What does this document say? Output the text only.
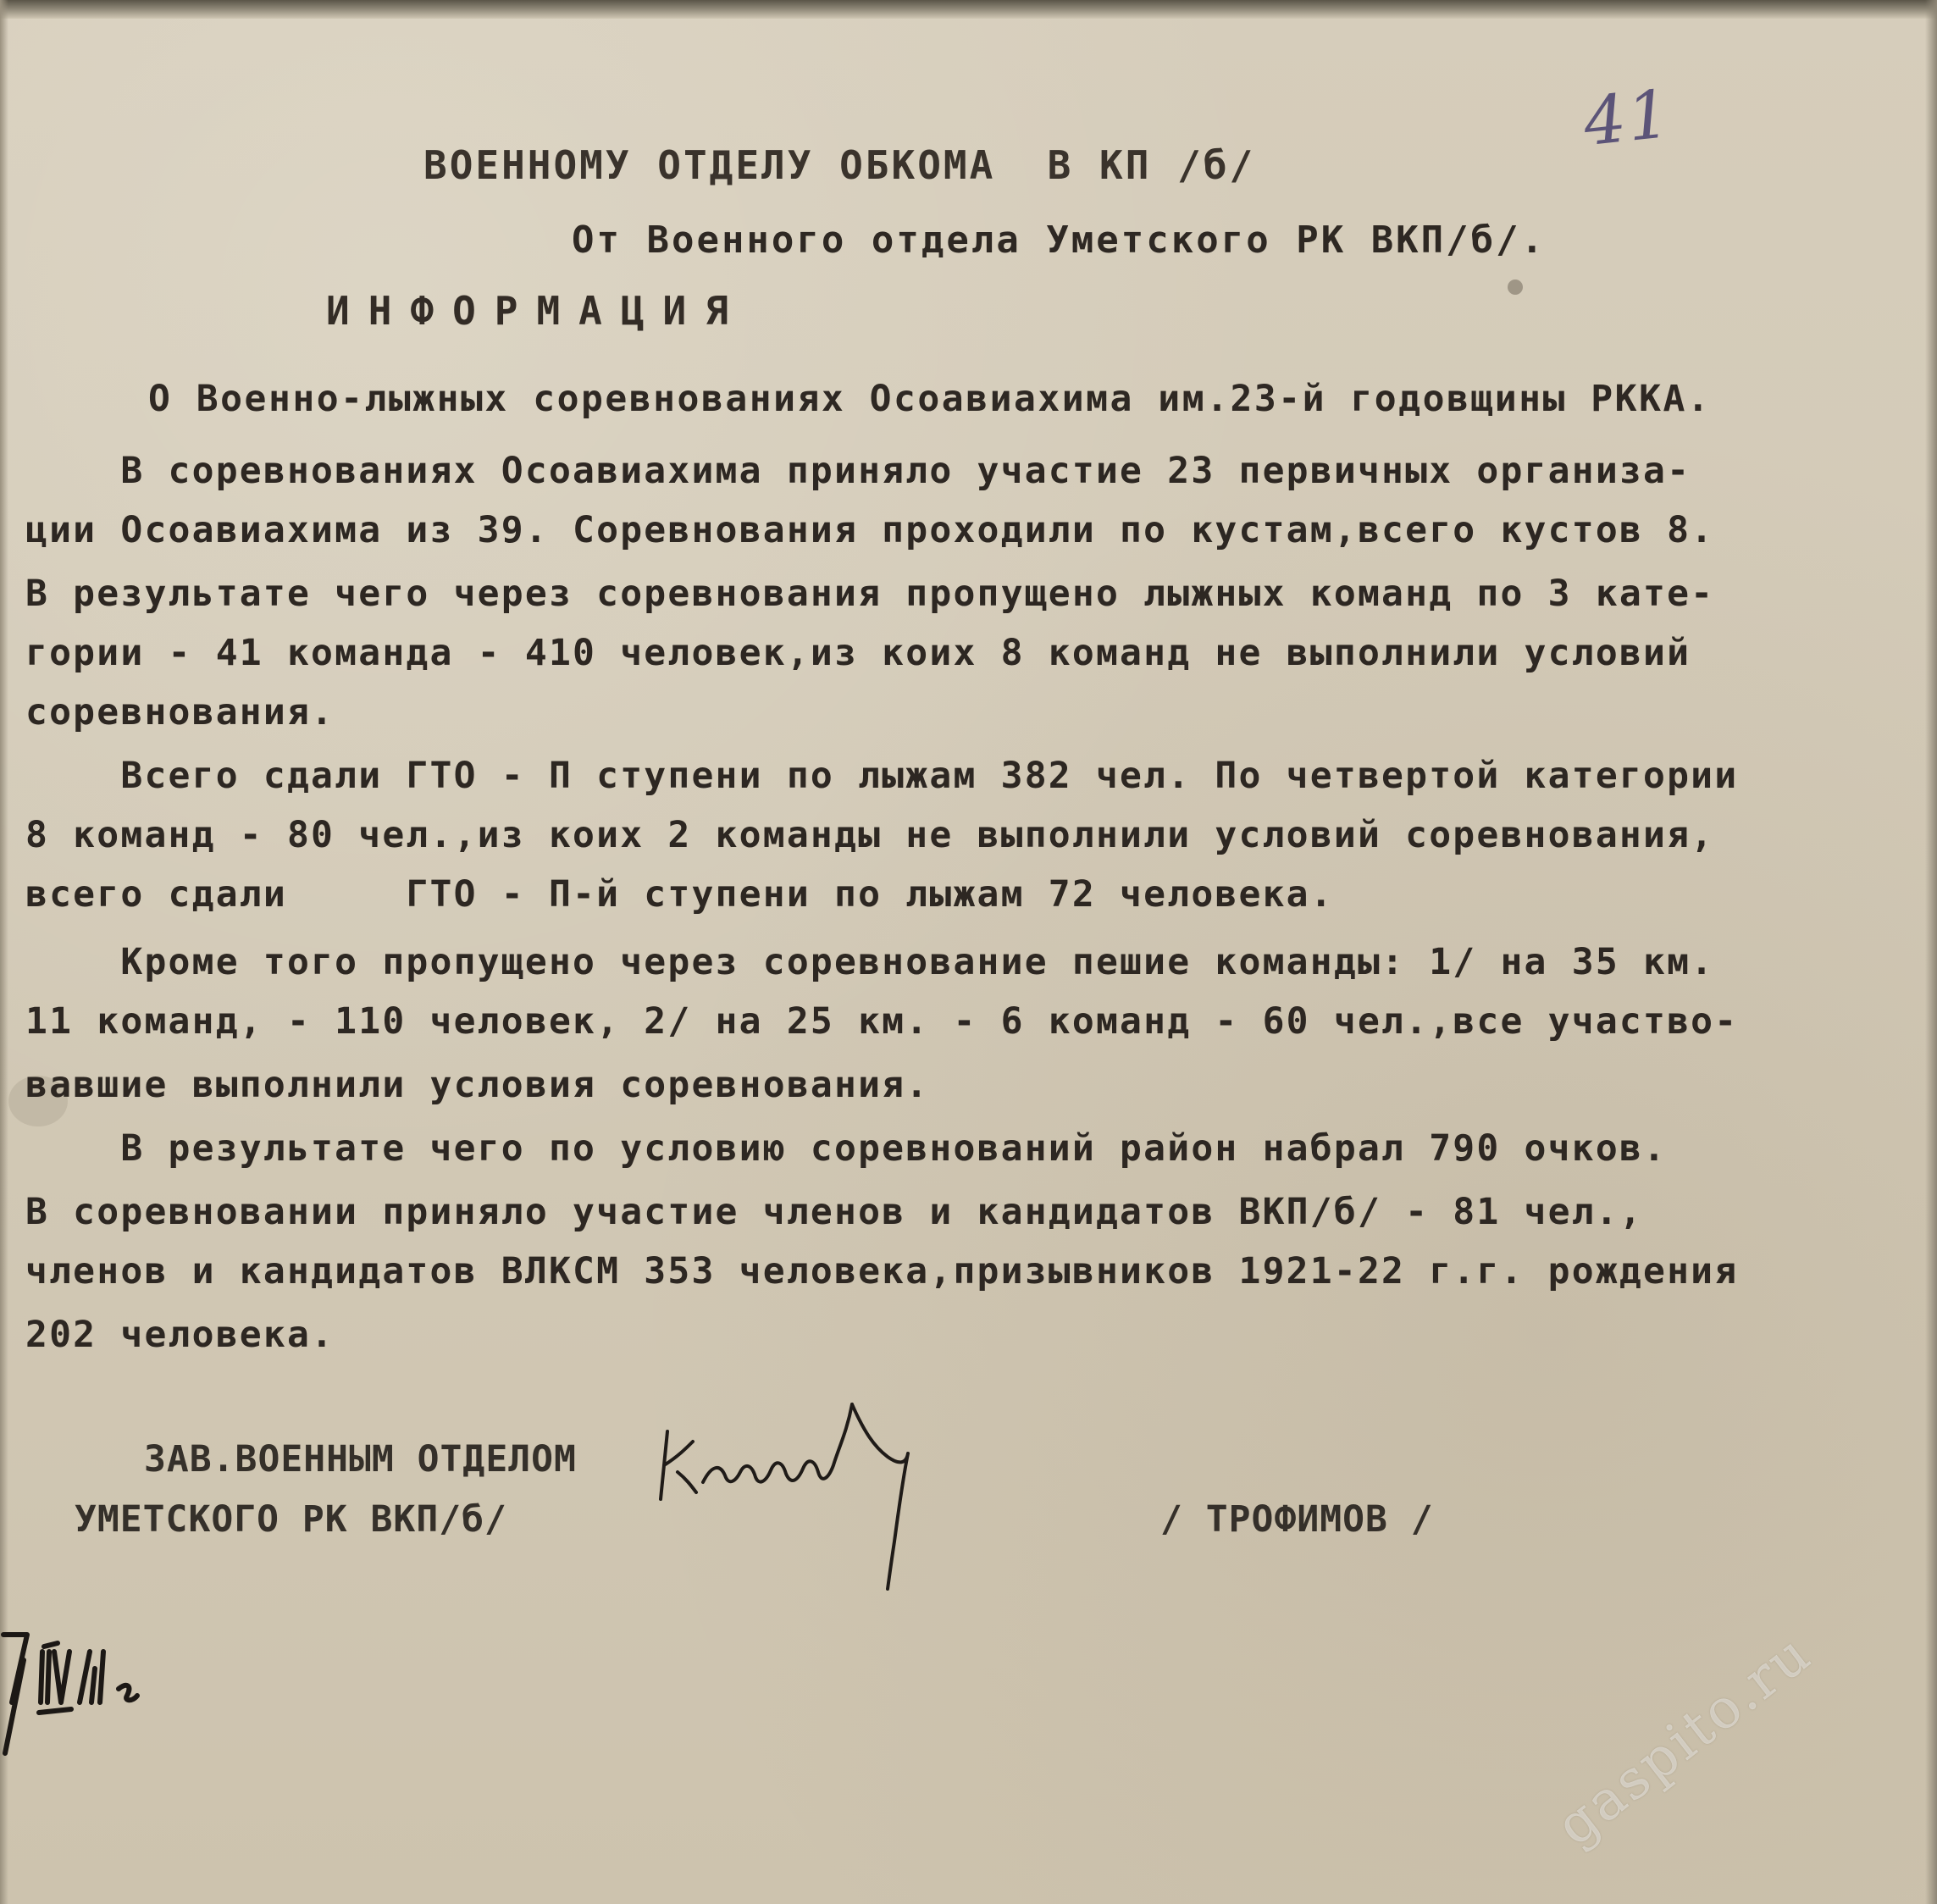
41
ВОЕННОМУ ОТДЕЛУ ОБКОМА  В КП /б/
От Военного отдела Уметского РК ВКП/б/.
ИНФОРМАЦИЯ
О Военно-лыжных соревнованиях Осоавиахима им.23-й годовщины РККА.
В соревнованиях Осоавиахима приняло участие 23 первичных организа-
ции Осоавиахима из 39. Соревнования проходили по кустам,всего кустов 8.
В результате чего через соревнования пропущено лыжных команд по 3 кате-
гории - 41 команда - 410 человек,из коих 8 команд не выполнили условий
соревнования.
Всего сдали ГТО - П ступени по лыжам 382 чел. По четвертой категории
8 команд - 80 чел.,из коих 2 команды не выполнили условий соревнования,
всего сдали     ГТО - П-й ступени по лыжам 72 человека.
Кроме того пропущено через соревнование пешие команды: 1/ на 35 км.
11 команд, - 110 человек, 2/ на 25 км. - 6 команд - 60 чел.,все участво-
вавшие выполнили условия соревнования.
В результате чего по условию соревнований район набрал 790 очков.
В соревновании приняло участие членов и кандидатов ВКП/б/ - 81 чел.,
членов и кандидатов ВЛКСМ 353 человека,призывников 1921-22 г.г. рождения
202 человека.
ЗАВ.ВОЕННЫМ ОТДЕЛОМ
УМЕТСКОГО РК ВКП/б/	/ ТРОФИМОВ /
gaspito.ru
